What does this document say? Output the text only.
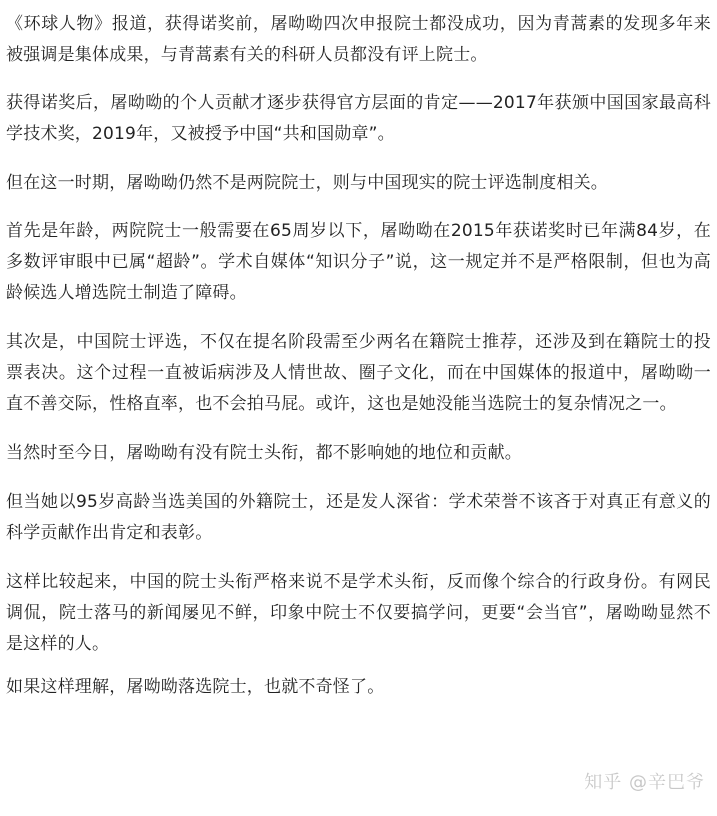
《环球人物》报道，获得诺奖前，屠呦呦四次申报院士都没成功，因为青蒿素的发现多年来被强调是集体成果，与青蒿素有关的科研人员都没有评上院士。

获得诺奖后，屠呦呦的个人贡献才逐步获得官方层面的肯定——2017年获颁中国国家最高科学技术奖，2019年，又被授予中国“共和国勋章”。

但在这一时期，屠呦呦仍然不是两院院士，则与中国现实的院士评选制度相关。

首先是年龄，两院院士一般需要在65周岁以下，屠呦呦在2015年获诺奖时已年满84岁，在多数评审眼中已属“超龄”。学术自媒体“知识分子”说，这一规定并不是严格限制，但也为高龄候选人增选院士制造了障碍。

其次是，中国院士评选，不仅在提名阶段需至少两名在籍院士推荐，还涉及到在籍院士的投票表决。这个过程一直被诟病涉及人情世故、圈子文化，而在中国媒体的报道中，屠呦呦一直不善交际，性格直率，也不会拍马屁。或许，这也是她没能当选院士的复杂情况之一。

当然时至今日，屠呦呦有没有院士头衔，都不影响她的地位和贡献。

但当她以95岁高龄当选美国的外籍院士，还是发人深省：学术荣誉不该吝于对真正有意义的科学贡献作出肯定和表彰。

这样比较起来，中国的院士头衔严格来说不是学术头衔，反而像个综合的行政身份。有网民调侃，院士落马的新闻屡见不鲜，印象中院士不仅要搞学问，更要“会当官”，屠呦呦显然不是这样的人。

如果这样理解，屠呦呦落选院士，也就不奇怪了。

知乎 @辛巴爷
